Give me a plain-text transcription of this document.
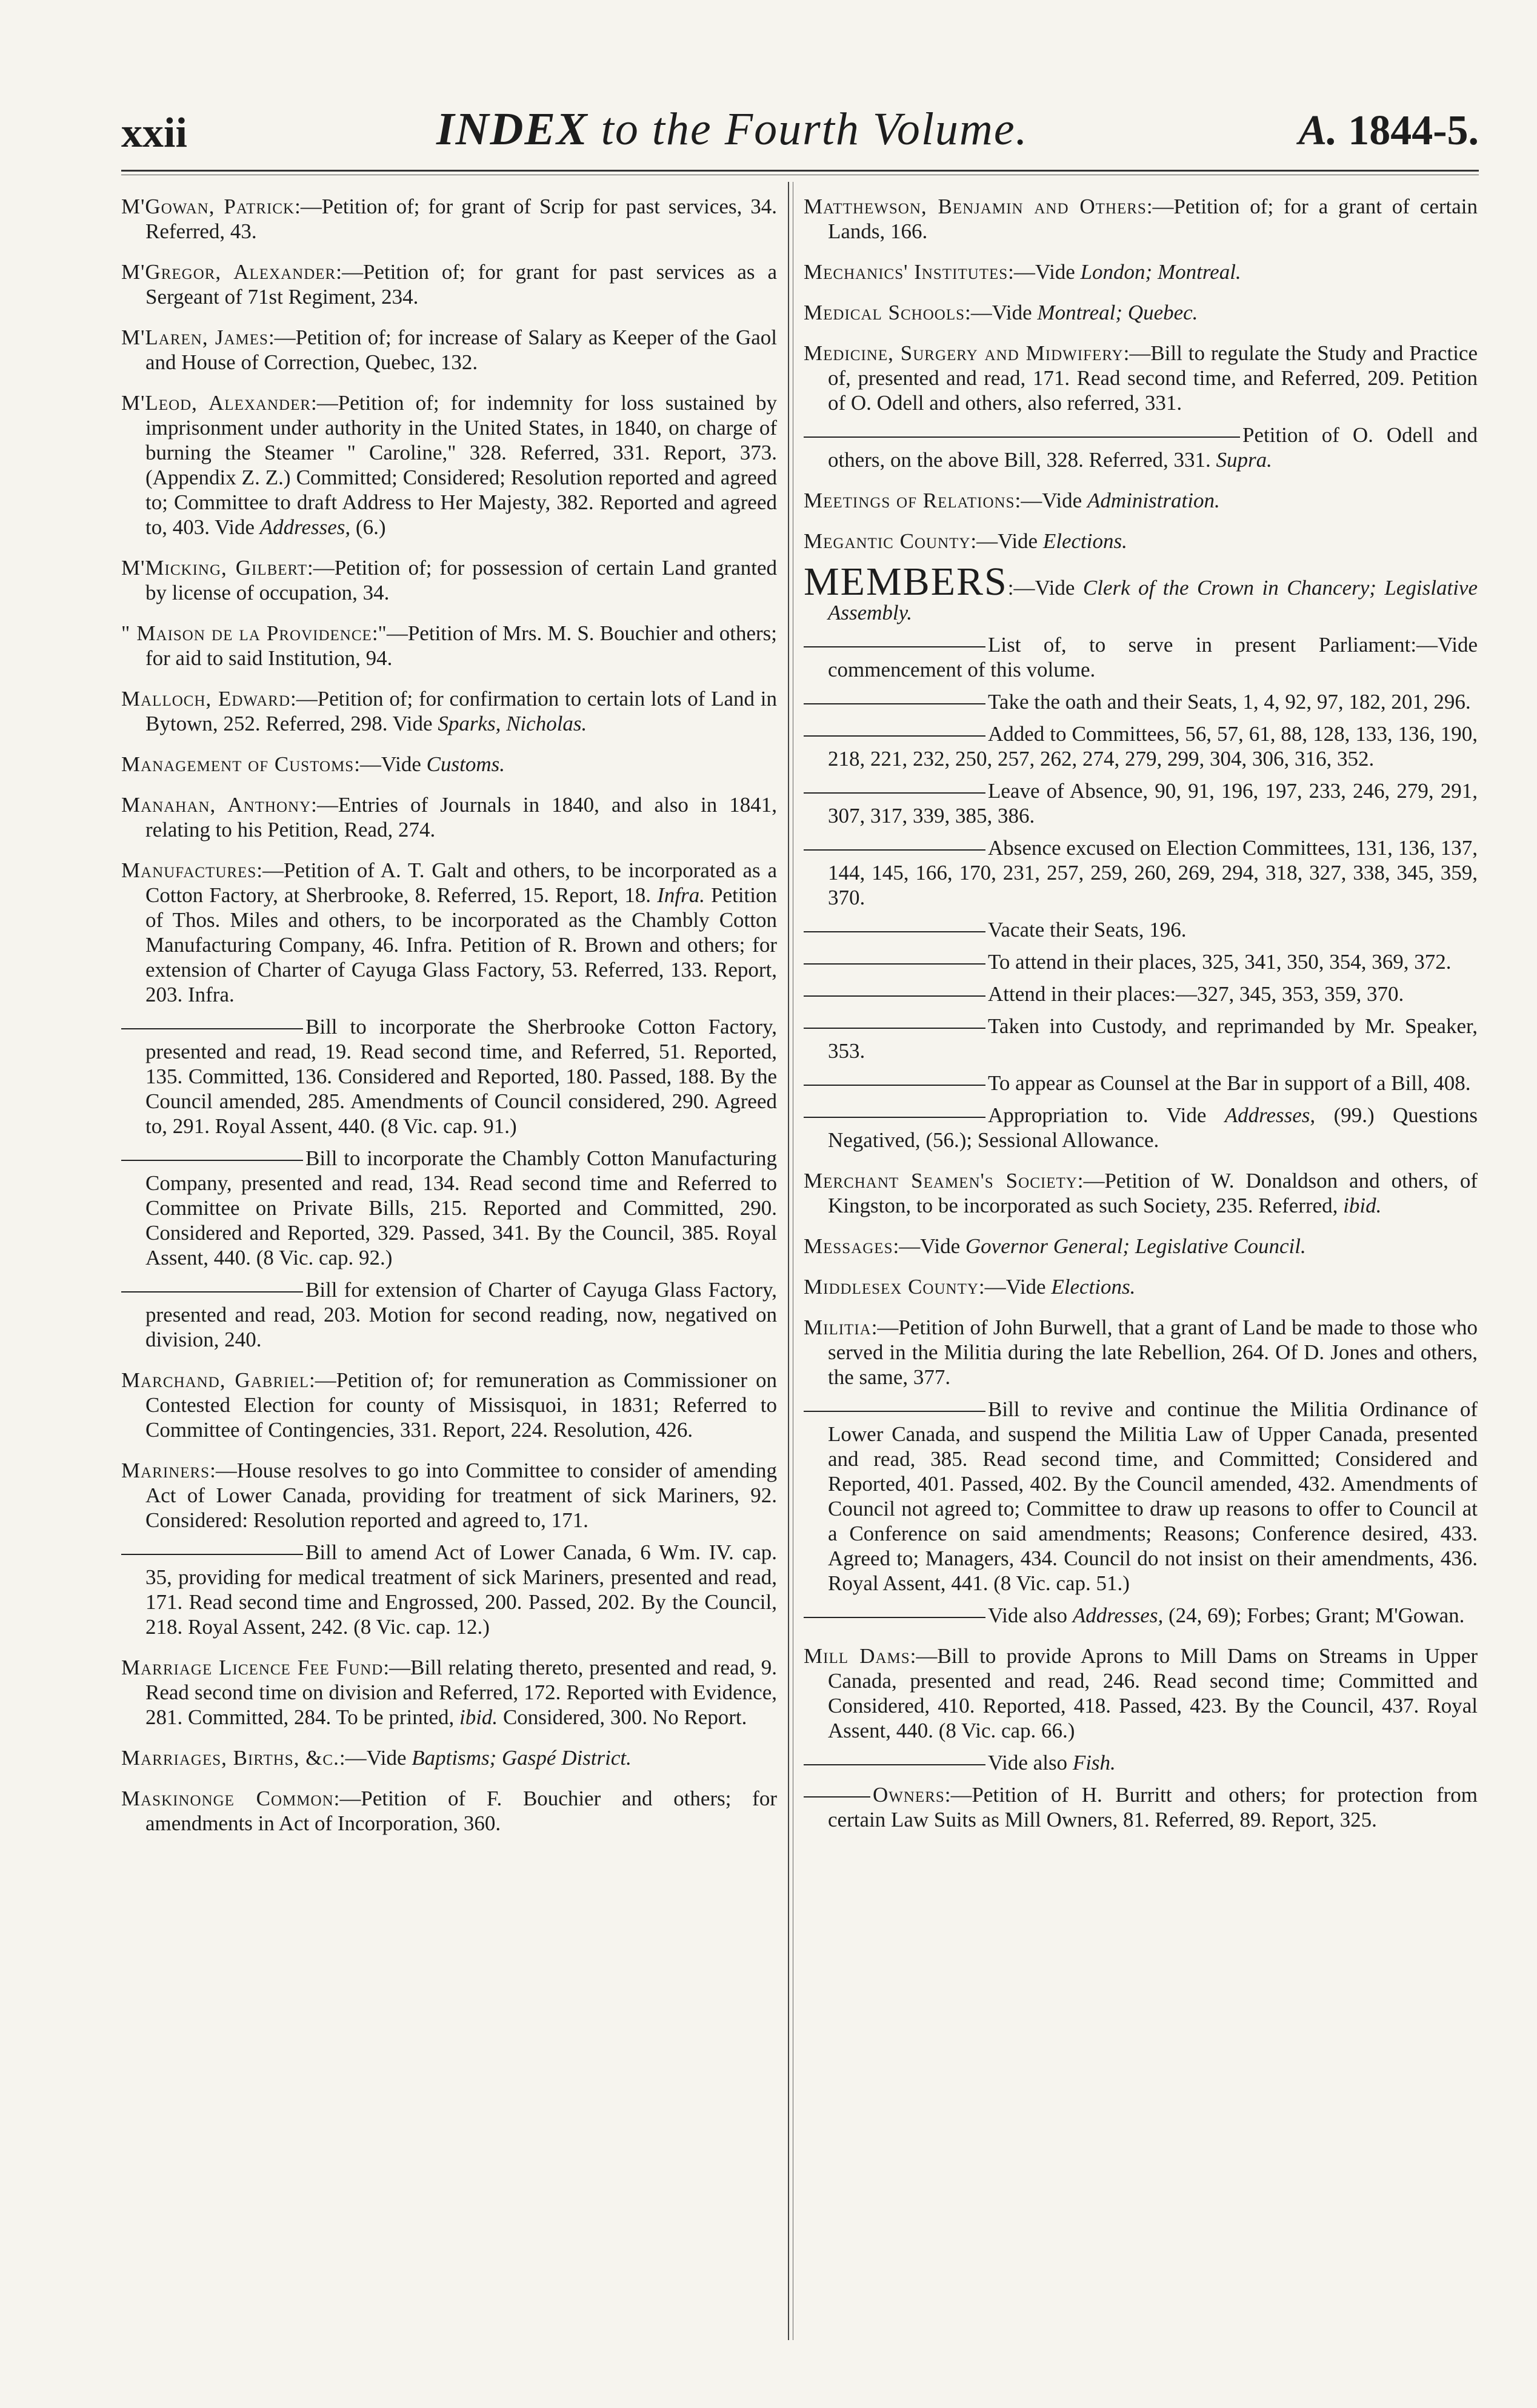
xxii	INDEX to the Fourth Volume.	A. 1844-5.

M'Gowan, Patrick:—Petition of; for grant of Scrip for past services, 34. Referred, 43.

M'Gregor, Alexander:—Petition of; for grant for past services as a Sergeant of 71st Regiment, 234.

M'Laren, James:—Petition of; for increase of Salary as Keeper of the Gaol and House of Correction, Quebec, 132.

M'Leod, Alexander:—Petition of; for indemnity for loss sustained by imprisonment under authority in the United States, in 1840, on charge of burning the Steamer " Caroline," 328. Referred, 331. Report, 373. (Appendix Z. Z.) Committed; Considered; Resolution reported and agreed to; Committee to draft Address to Her Majesty, 382. Reported and agreed to, 403. Vide Addresses, (6.)

M'Micking, Gilbert:—Petition of; for possession of certain Land granted by license of occupation, 34.

" Maison de la Providence:"—Petition of Mrs. M. S. Bouchier and others; for aid to said Institution, 94.

Malloch, Edward:—Petition of; for confirmation to certain lots of Land in Bytown, 252. Referred, 298. Vide Sparks, Nicholas.

Management of Customs:—Vide Customs.

Manahan, Anthony:—Entries of Journals in 1840, and also in 1841, relating to his Petition, Read, 274.

Manufactures:—Petition of A. T. Galt and others, to be incorporated as a Cotton Factory, at Sherbrooke, 8. Referred, 15. Report, 18. Infra. Petition of Thos. Miles and others, to be incorporated as the Chambly Cotton Manufacturing Company, 46. Infra. Petition of R. Brown and others; for extension of Charter of Cayuga Glass Factory, 53. Referred, 133. Report, 203. Infra.

Bill to incorporate the Sherbrooke Cotton Factory, presented and read, 19. Read second time, and Referred, 51. Reported, 135. Committed, 136. Considered and Reported, 180. Passed, 188. By the Council amended, 285. Amendments of Council considered, 290. Agreed to, 291. Royal Assent, 440. (8 Vic. cap. 91.)

Bill to incorporate the Chambly Cotton Manufacturing Company, presented and read, 134. Read second time and Referred to Committee on Private Bills, 215. Reported and Committed, 290. Considered and Reported, 329. Passed, 341. By the Council, 385. Royal Assent, 440. (8 Vic. cap. 92.)

Bill for extension of Charter of Cayuga Glass Factory, presented and read, 203. Motion for second reading, now, negatived on division, 240.

Marchand, Gabriel:—Petition of; for remuneration as Commissioner on Contested Election for county of Missisquoi, in 1831; Referred to Committee of Contingencies, 331. Report, 224. Resolution, 426.

Mariners:—House resolves to go into Committee to consider of amending Act of Lower Canada, providing for treatment of sick Mariners, 92. Considered: Resolution reported and agreed to, 171.

Bill to amend Act of Lower Canada, 6 Wm. IV. cap. 35, providing for medical treatment of sick Mariners, presented and read, 171. Read second time and Engrossed, 200. Passed, 202. By the Council, 218. Royal Assent, 242. (8 Vic. cap. 12.)

Marriage Licence Fee Fund:—Bill relating thereto, presented and read, 9. Read second time on division and Referred, 172. Reported with Evidence, 281. Committed, 284. To be printed, ibid. Considered, 300. No Report.

Marriages, Births, &c.:—Vide Baptisms; Gaspé District.

Maskinonge Common:—Petition of F. Bouchier and others; for amendments in Act of Incorporation, 360.

Matthewson, Benjamin and Others:—Petition of; for a grant of certain Lands, 166.

Mechanics' Institutes:—Vide London; Montreal.

Medical Schools:—Vide Montreal; Quebec.

Medicine, Surgery and Midwifery:—Bill to regulate the Study and Practice of, presented and read, 171. Read second time, and Referred, 209. Petition of O. Odell and others, also referred, 331.

Petition of O. Odell and others, on the above Bill, 328. Referred, 331. Supra.

Meetings of Relations:—Vide Administration.

Megantic County:—Vide Elections.

MEMBERS:—Vide Clerk of the Crown in Chancery; Legislative Assembly.

List of, to serve in present Parliament:—Vide commencement of this volume.

Take the oath and their Seats, 1, 4, 92, 97, 182, 201, 296.

Added to Committees, 56, 57, 61, 88, 128, 133, 136, 190, 218, 221, 232, 250, 257, 262, 274, 279, 299, 304, 306, 316, 352.

Leave of Absence, 90, 91, 196, 197, 233, 246, 279, 291, 307, 317, 339, 385, 386.

Absence excused on Election Committees, 131, 136, 137, 144, 145, 166, 170, 231, 257, 259, 260, 269, 294, 318, 327, 338, 345, 359, 370.

Vacate their Seats, 196.

To attend in their places, 325, 341, 350, 354, 369, 372.

Attend in their places:—327, 345, 353, 359, 370.

Taken into Custody, and reprimanded by Mr. Speaker, 353.

To appear as Counsel at the Bar in support of a Bill, 408.

Appropriation to. Vide Addresses, (99.) Questions Negatived, (56.); Sessional Allowance.

Merchant Seamen's Society:—Petition of W. Donaldson and others, of Kingston, to be incorporated as such Society, 235. Referred, ibid.

Messages:—Vide Governor General; Legislative Council.

Middlesex County:—Vide Elections.

Militia:—Petition of John Burwell, that a grant of Land be made to those who served in the Militia during the late Rebellion, 264. Of D. Jones and others, the same, 377.

Bill to revive and continue the Militia Ordinance of Lower Canada, and suspend the Militia Law of Upper Canada, presented and read, 385. Read second time, and Committed; Considered and Reported, 401. Passed, 402. By the Council amended, 432. Amendments of Council not agreed to; Committee to draw up reasons to offer to Council at a Conference on said amendments; Reasons; Conference desired, 433. Agreed to; Managers, 434. Council do not insist on their amendments, 436. Royal Assent, 441. (8 Vic. cap. 51.)

Vide also Addresses, (24, 69); Forbes; Grant; M'Gowan.

Mill Dams:—Bill to provide Aprons to Mill Dams on Streams in Upper Canada, presented and read, 246. Read second time; Committed and Considered, 410. Reported, 418. Passed, 423. By the Council, 437. Royal Assent, 440. (8 Vic. cap. 66.)

Vide also Fish.

Owners:—Petition of H. Burritt and others; for protection from certain Law Suits as Mill Owners, 81. Referred, 89. Report, 325.
